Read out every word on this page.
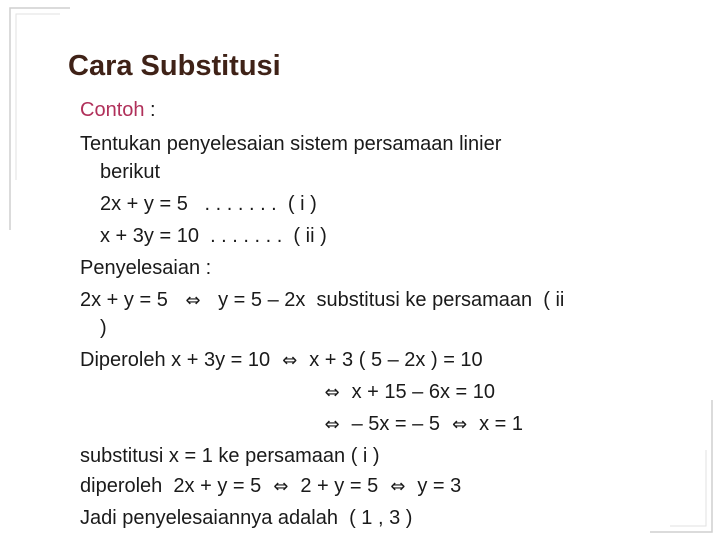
Cara Substitusi
Contoh :
Tentukan penyelesaian sistem persamaan linier
berikut
2x + y = 5   . . . . . . .  ( i )
x + 3y = 10  . . . . . . .  ( ii )
Penyelesaian :
2x + y = 5 ⇔ y = 5 – 2x  substitusi ke persamaan  ( ii
)
Diperoleh x + 3y = 10 ⇔ x + 3 ( 5 – 2x ) = 10
⇔ x + 15 – 6x = 10
⇔ – 5x = – 5 ⇔ x = 1
substitusi x = 1 ke persamaan ( i )
diperoleh  2x + y = 5 ⇔ 2 + y = 5 ⇔ y = 3
Jadi penyelesaiannya adalah  ( 1 , 3 )
